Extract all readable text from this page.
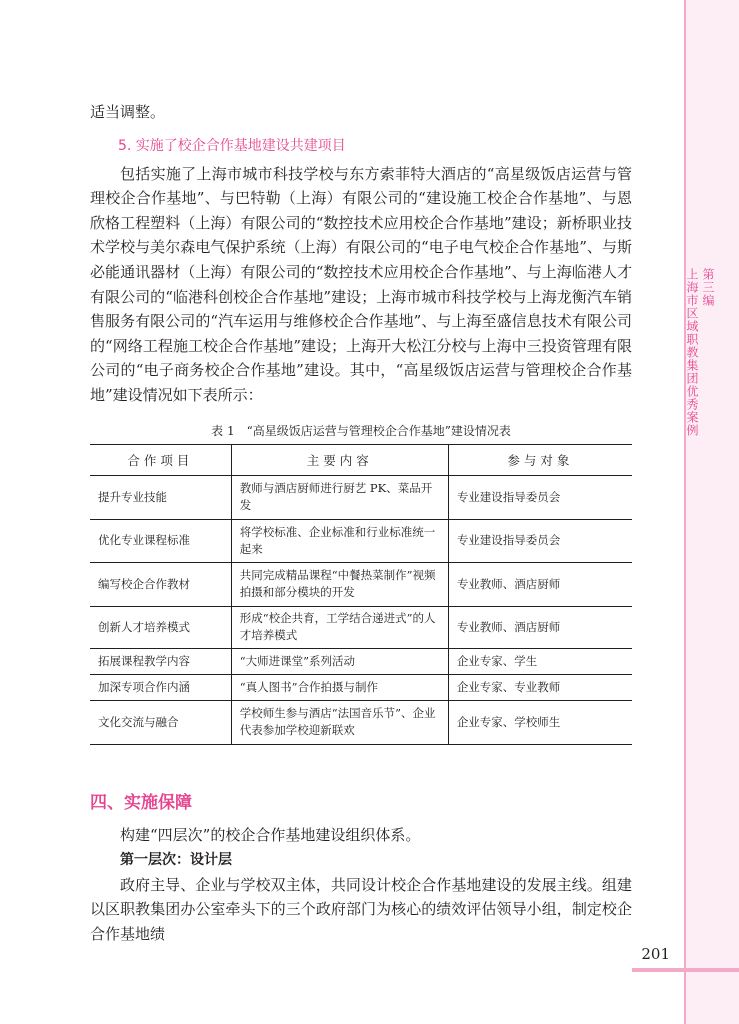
第三编
上海市区域职教集团优秀案例

适当调整。

5. 实施了校企合作基地建设共建项目

包括实施了上海市城市科技学校与东方索菲特大酒店的“高星级饭店运营与管理校企合作基地”、与巴特勒（上海）有限公司的“建设施工校企合作基地”、与恩欣格工程塑料（上海）有限公司的“数控技术应用校企合作基地”建设；新桥职业技术学校与美尔森电气保护系统（上海）有限公司的“电子电气校企合作基地”、与斯必能通讯器材（上海）有限公司的“数控技术应用校企合作基地”、与上海临港人才有限公司的“临港科创校企合作基地”建设；上海市城市科技学校与上海龙衡汽车销售服务有限公司的“汽车运用与维修校企合作基地”、与上海至盛信息技术有限公司的“网络工程施工校企合作基地”建设；上海开大松江分校与上海中三投资管理有限公司的“电子商务校企合作基地”建设。其中，“高星级饭店运营与管理校企合作基地”建设情况如下表所示：

表 1　“高星级饭店运营与管理校企合作基地”建设情况表

合作项目	主要内容	参与对象
提升专业技能	教师与酒店厨师进行厨艺 PK、菜品开发	专业建设指导委员会
优化专业课程标准	将学校标准、企业标准和行业标准统一起来	专业建设指导委员会
编写校企合作教材	共同完成精品课程“中餐热菜制作”视频拍摄和部分模块的开发	专业教师、酒店厨师
创新人才培养模式	形成“校企共育，工学结合递进式”的人才培养模式	专业教师、酒店厨师
拓展课程教学内容	“大师进课堂”系列活动	企业专家、学生
加深专项合作内涵	“真人图书”合作拍摄与制作	企业专家、专业教师
文化交流与融合	学校师生参与酒店“法国音乐节”、企业代表参加学校迎新联欢	企业专家、学校师生
四、实施保障

构建“四层次”的校企合作基地建设组织体系。

第一层次：设计层

政府主导、企业与学校双主体，共同设计校企合作基地建设的发展主线。组建以区职教集团办公室牵头下的三个政府部门为核心的绩效评估领导小组，制定校企合作基地绩

201
